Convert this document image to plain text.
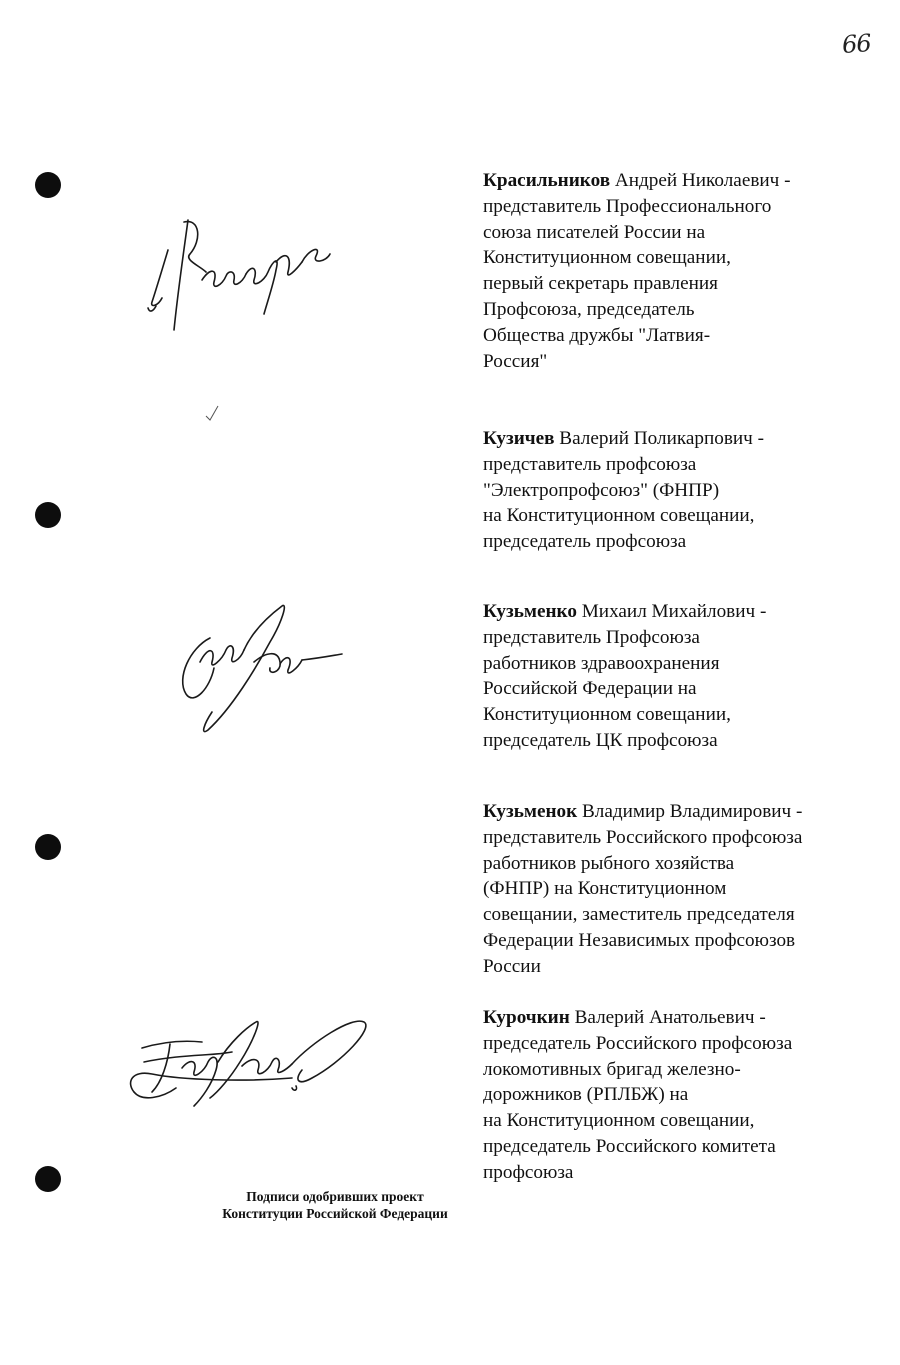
66

Красильников Андрей Николаевич -

представитель Профессионального

союза писателей России на

Конституционном совещании,

первый секретарь правления

Профсоюза, председатель

Общества дружбы "Латвия-

Россия"

Кузичев Валерий Поликарпович -

представитель профсоюза

"Электропрофсоюз" (ФНПР)

на Конституционном совещании,

председатель профсоюза

Кузьменко Михаил Михайлович -

представитель Профсоюза

работников здравоохранения

Российской Федерации на

Конституционном совещании,

председатель ЦК профсоюза

Кузьменок Владимир Владимирович -

представитель Российского профсоюза

работников рыбного хозяйства

(ФНПР) на Конституционном

совещании, заместитель председателя

Федерации Независимых профсоюзов

России

Курочкин Валерий Анатольевич -

председатель Российского профсоюза

локомотивных бригад железно-

дорожников (РПЛБЖ) на

на Конституционном совещании,

председатель Российского комитета

профсоюза

Подписи одобривших проект

Конституции Российской Федерации
